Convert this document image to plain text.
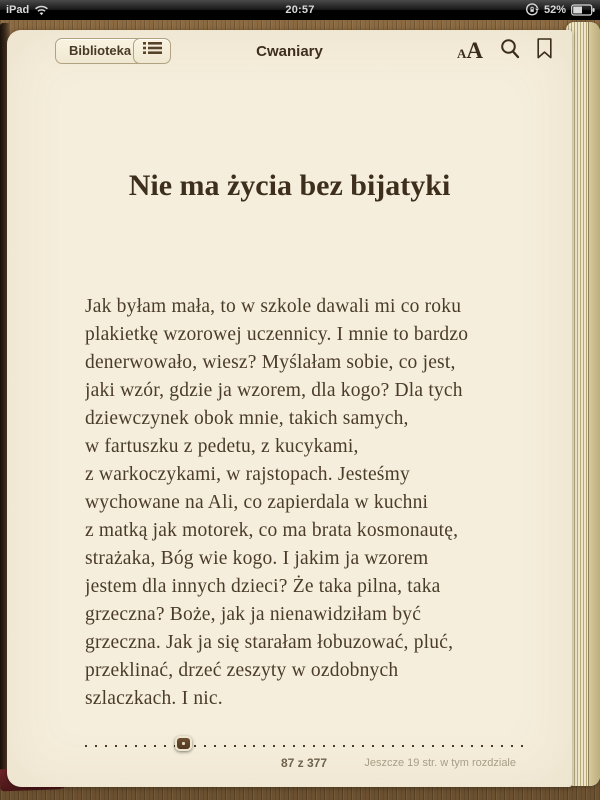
iPad	20:57	52%
Biblioteka	Cwaniary	A A
Nie ma życia bez bijatyki
Jak byłam mała, to w szkole dawali mi co roku
plakietkę wzorowej uczennicy. I mnie to bardzo
denerwowało, wiesz? Myślałam sobie, co jest,
jaki wzór, gdzie ja wzorem, dla kogo? Dla tych
dziewczynek obok mnie, takich samych,
w fartuszku z pedetu, z kucykami,
z warkoczykami, w rajstopach. Jesteśmy
wychowane na Ali, co zapierdala w kuchni
z matką jak motorek, co ma brata kosmonautę,
strażaka, Bóg wie kogo. I jakim ja wzorem
jestem dla innych dzieci? Że taka pilna, taka
grzeczna? Boże, jak ja nienawidziłam być
grzeczna. Jak ja się starałam łobuzować, pluć,
przeklinać, drzeć zeszyty w ozdobnych
szlaczkach. I nic.
87 z 377	Jeszcze 19 str. w tym rozdziale
